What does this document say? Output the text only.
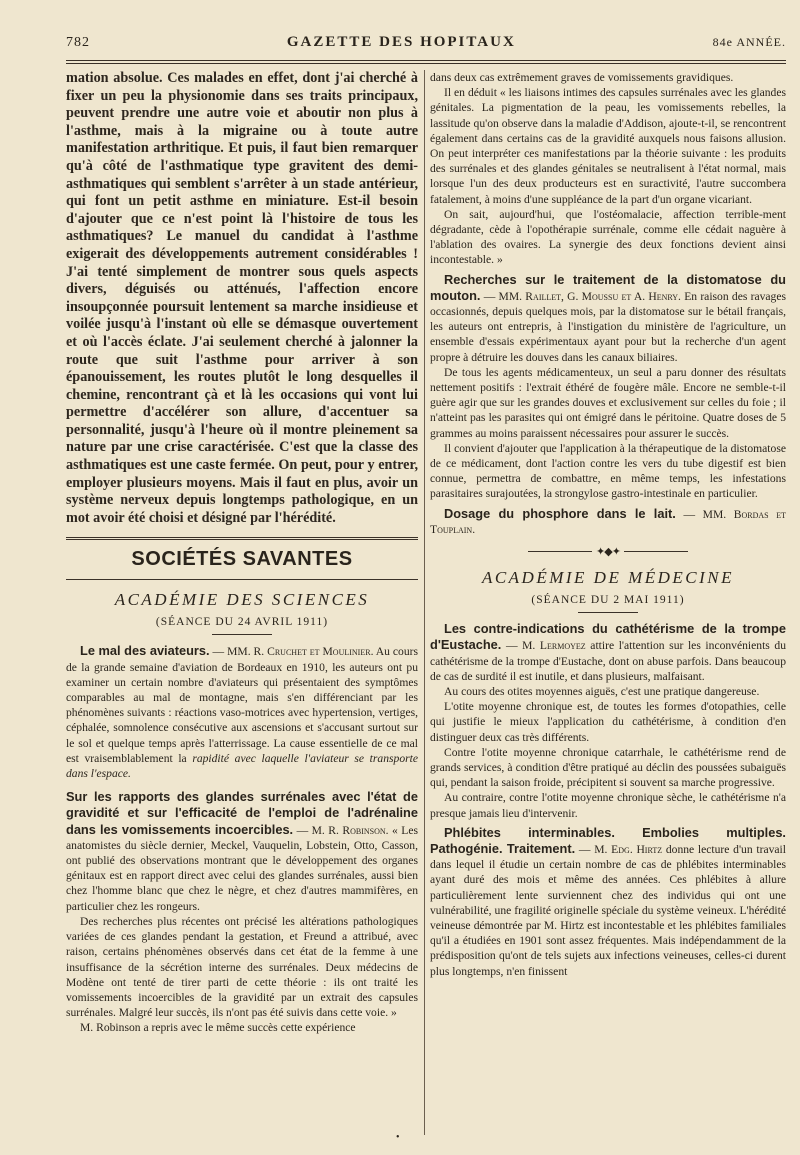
782	GAZETTE DES HOPITAUX	84e ANNÉE.

mation absolue. Ces malades en effet, dont j'ai cherché à fixer un peu la physionomie dans ses traits principaux, peuvent prendre une autre voie et aboutir non plus à l'asthme, mais à la migraine ou à toute autre manifestation arthritique. Et puis, il faut bien remarquer qu'à côté de l'asthmatique type gravitent des demi-asthmatiques qui semblent s'arrêter à un stade antérieur, qui font un petit asthme en miniature. Est-il besoin d'ajouter que ce n'est point là l'histoire de tous les asthmatiques? Le manuel du candidat à l'asthme exigerait des développements autrement considérables ! J'ai tenté simplement de montrer sous quels aspects divers, déguisés ou atténués, l'affection encore insoupçonnée poursuit lentement sa marche insidieuse et voilée jusqu'à l'instant où elle se démasque ouvertement et où l'accès éclate. J'ai seulement cherché à jalonner la route que suit l'asthme pour arriver à son épanouissement, les routes plutôt le long desquelles il chemine, rencontrant çà et là les occasions qui vont lui permettre d'accélérer son allure, d'accentuer sa personnalité, jusqu'à l'heure où il montre pleinement sa nature par une crise caractérisée. C'est que la classe des asthmatiques est une caste fermée. On peut, pour y entrer, employer plusieurs moyens. Mais il faut en plus, avoir un système nerveux depuis longtemps pathologique, en un mot avoir été choisi et désigné par l'hérédité.

SOCIÉTÉS SAVANTES
ACADÉMIE DES SCIENCES
(SÉANCE DU 24 AVRIL 1911)

Le mal des aviateurs. — MM. R. Cruchet et Moulinier. Au cours de la grande semaine d'aviation de Bordeaux en 1910, les auteurs ont pu examiner un certain nombre d'aviateurs qui présentaient des symptômes comparables au mal de montagne, mais s'en différenciant par les phénomènes suivants : réactions vaso-motrices avec hypertension, vertiges, céphalée, somnolence consécutive aux ascensions et s'accusant surtout sur le sol et quelque temps après l'atterrissage. La cause essentielle de ce mal est vraisemblablement la rapidité avec laquelle l'aviateur se transporte dans l'espace.

Sur les rapports des glandes surrénales avec l'état de gravidité et sur l'efficacité de l'emploi de l'adrénaline dans les vomissements incoercibles. — M. R. Robinson. « Les anatomistes du siècle dernier, Meckel, Vauquelin, Lobstein, Otto, Casson, ont publié des observations montrant que le développement des organes génitaux est en rapport direct avec celui des glandes surrénales, aussi bien chez l'homme blanc que chez le nègre, et chez d'autres mammifères, en particulier chez les rongeurs.

Des recherches plus récentes ont précisé les altérations pathologiques variées de ces glandes pendant la gestation, et Freund a attribué, avec raison, certains phénomènes observés dans cet état de la femme à une insuffisance de la sécrétion interne des surrénales. Deux médecins de Modène ont tenté de tirer parti de cette théorie : ils ont traité les vomissements incoercibles de la gravidité par un extrait des capsules surrénales. Malgré leur succès, ils n'ont pas été suivis dans cette voie. »

M. Robinson a repris avec le même succès cette expérience

dans deux cas extrêmement graves de vomissements gravidiques.

Il en déduit « les liaisons intimes des capsules surrénales avec les glandes génitales. La pigmentation de la peau, les vomissements rebelles, la lassitude qu'on observe dans la maladie d'Addison, ajoute-t-il, se rencontrent également dans certains cas de la gravidité auxquels nous faisons allusion. On peut interpréter ces manifestations par la théorie suivante : les produits des surrénales et des glandes génitales se neutralisent à l'état normal, mais lorsque l'un des deux producteurs est en suractivité, l'autre succombera fatalement, à moins d'une suppléance de la part d'un organe vicariant.

On sait, aujourd'hui, que l'ostéomalacie, affection terrible-ment dégradante, cède à l'opothérapie surrénale, comme elle cédait naguère à l'ablation des ovaires. La synergie des deux fonctions devient ainsi incontestable. »

Recherches sur le traitement de la distomatose du mouton. — MM. Raillet, G. Moussu et A. Henry. En raison des ravages occasionnés, depuis quelques mois, par la distomatose sur le bétail français, les auteurs ont entrepris, à l'instigation du ministère de l'agriculture, un ensemble d'essais expérimentaux ayant pour but la recherche d'un agent propre à détruire les douves dans les canaux biliaires.

De tous les agents médicamenteux, un seul a paru donner des résultats nettement positifs : l'extrait éthéré de fougère mâle. Encore ne semble-t-il guère agir que sur les grandes douves et exclusivement sur celles du foie ; il n'atteint pas les parasites qui ont émigré dans le péritoine. Quatre doses de 5 grammes au moins paraissent nécessaires pour assurer le succès.

Il convient d'ajouter que l'application à la thérapeutique de la distomatose de ce médicament, dont l'action contre les vers du tube digestif est bien connue, permettra de combattre, en même temps, les infestations parasitaires surajoutées, la strongylose gastro-intestinale en particulier.

Dosage du phosphore dans le lait. — MM. Bordas et Touplain.

✦◆✦
ACADÉMIE DE MÉDECINE
(SÉANCE DU 2 MAI 1911)

Les contre-indications du cathétérisme de la trompe d'Eustache. — M. Lermoyez attire l'attention sur les inconvénients du cathétérisme de la trompe d'Eustache, dont on abuse parfois. Dans beaucoup de cas de surdité il est inutile, et dans plusieurs, malfaisant.

Au cours des otites moyennes aiguës, c'est une pratique dangereuse.

L'otite moyenne chronique est, de toutes les formes d'otopathies, celle qui justifie le mieux l'application du cathétérisme, à condition d'en distinguer deux cas très différents.

Contre l'otite moyenne chronique catarrhale, le cathétérisme rend de grands services, à condition d'être pratiqué au déclin des poussées subaiguës qui, pendant la saison froide, précipitent si souvent sa marche progressive.

Au contraire, contre l'otite moyenne chronique sèche, le cathétérisme n'a presque jamais lieu d'intervenir.

Phlébites interminables. Embolies multiples. Pathogénie. Traitement. — M. Edg. Hirtz donne lecture d'un travail dans lequel il étudie un certain nombre de cas de phlébites interminables ayant duré des mois et même des années. Ces phlébites à allure particulièrement lente surviennent chez des individus qui ont une vulnérabilité, une fragilité originelle spéciale du système veineux. L'hérédité veineuse démontrée par M. Hirtz est incontestable et les phlébites familiales qu'il a étudiées en 1901 sont assez fréquentes. Mais indépendamment de la prédisposition qu'ont de tels sujets aux infections veineuses, celles-ci durent plus longtemps, n'en finissent

•
